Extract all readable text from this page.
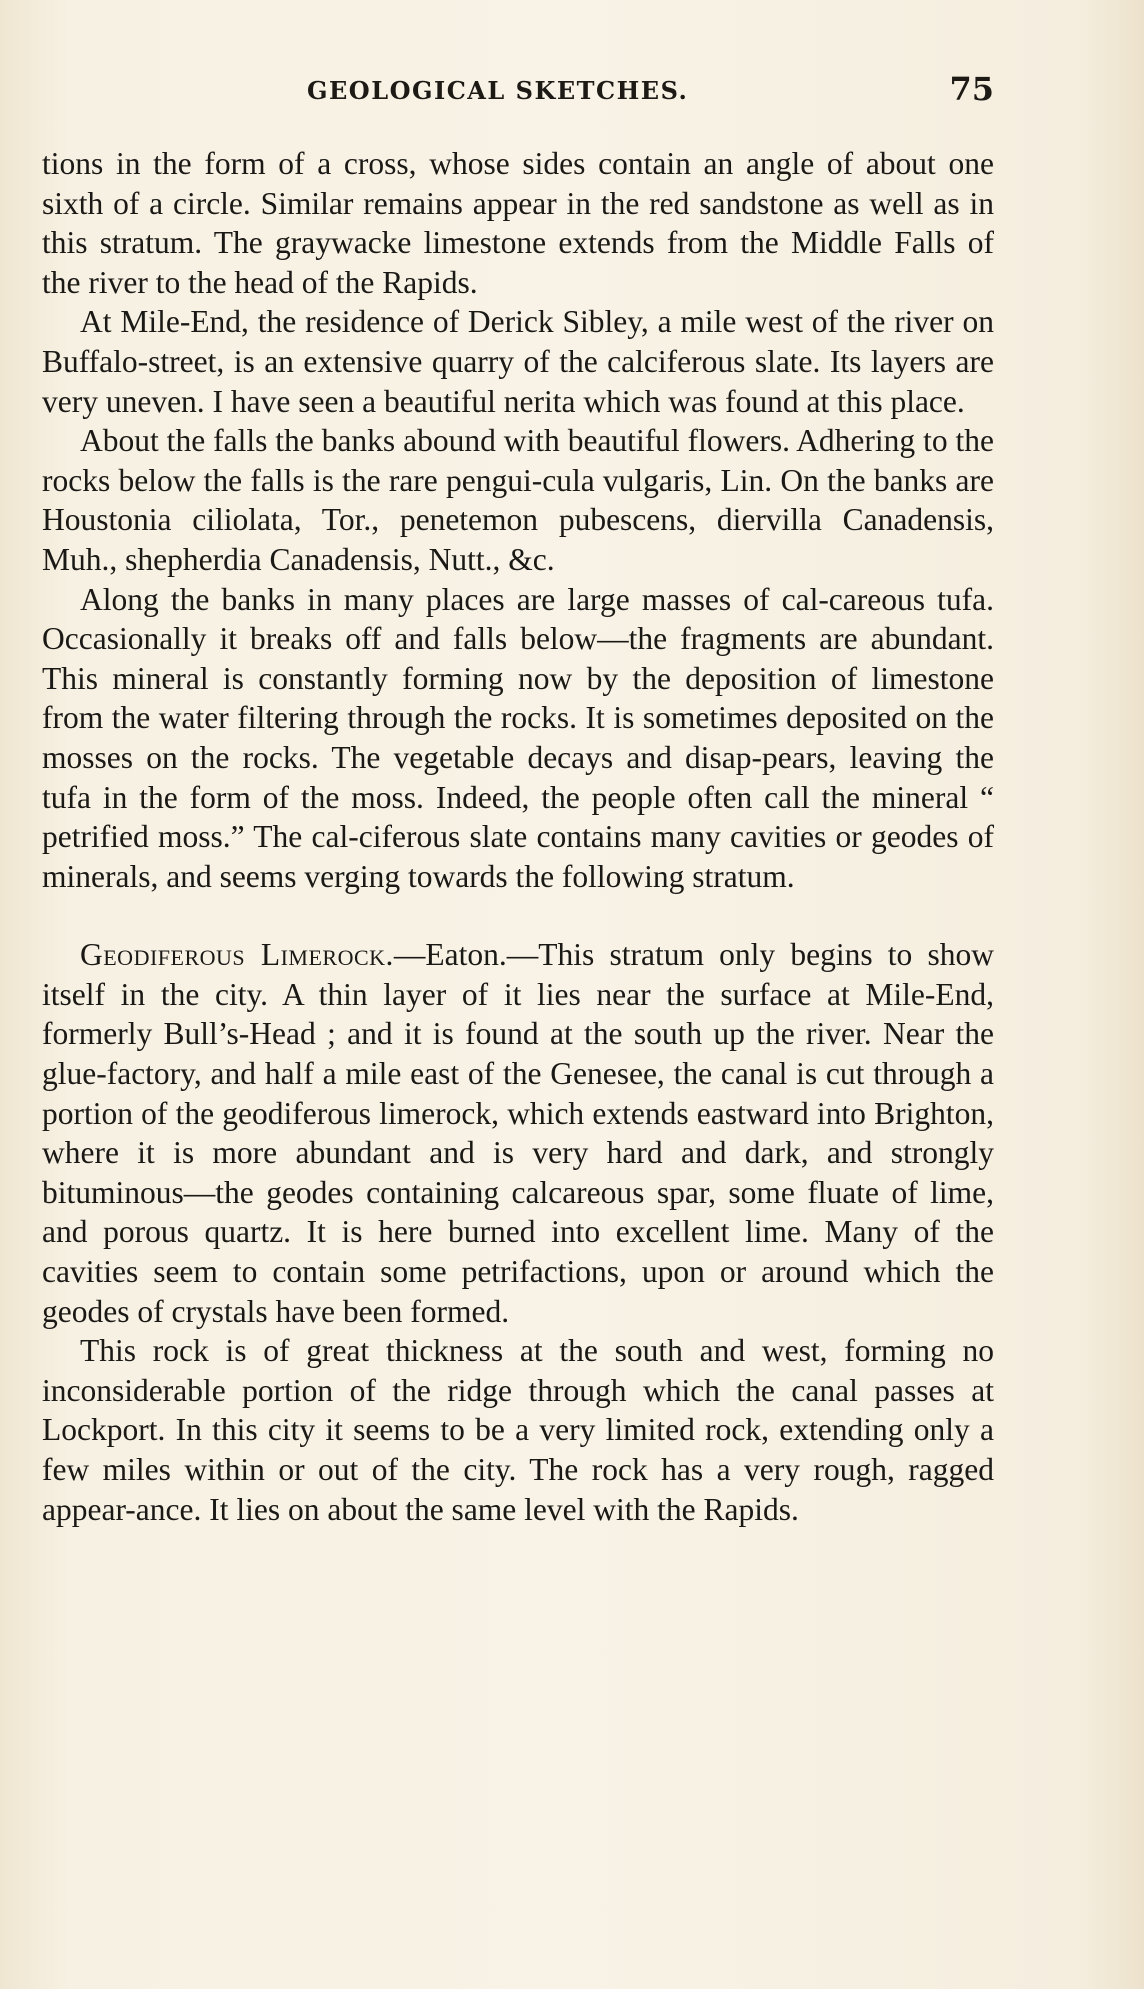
GEOLOGICAL SKETCHES.	75

tions in the form of a cross, whose sides contain an angle of about one sixth of a circle. Similar remains appear in the red sandstone as well as in this stratum. The graywacke limestone extends from the Middle Falls of the river to the head of the Rapids.

At Mile-End, the residence of Derick Sibley, a mile west of the river on Buffalo-street, is an extensive quarry of the calciferous slate. Its layers are very uneven. I have seen a beautiful nerita which was found at this place.

About the falls the banks abound with beautiful flowers. Adhering to the rocks below the falls is the rare pengui-cula vulgaris, Lin. On the banks are Houstonia ciliolata, Tor., penetemon pubescens, diervilla Canadensis, Muh., shepherdia Canadensis, Nutt., &c.

Along the banks in many places are large masses of cal-careous tufa. Occasionally it breaks off and falls below—the fragments are abundant. This mineral is constantly forming now by the deposition of limestone from the water filtering through the rocks. It is sometimes deposited on the mosses on the rocks. The vegetable decays and disap-pears, leaving the tufa in the form of the moss. Indeed, the people often call the mineral “ petrified moss.” The cal-ciferous slate contains many cavities or geodes of minerals, and seems verging towards the following stratum.

Geodiferous Limerock.—Eaton.—This stratum only begins to show itself in the city. A thin layer of it lies near the surface at Mile-End, formerly Bull’s-Head ; and it is found at the south up the river. Near the glue-factory, and half a mile east of the Genesee, the canal is cut through a portion of the geodiferous limerock, which extends eastward into Brighton, where it is more abundant and is very hard and dark, and strongly bituminous—the geodes containing calcareous spar, some fluate of lime, and porous quartz. It is here burned into excellent lime. Many of the cavities seem to contain some petrifactions, upon or around which the geodes of crystals have been formed.

This rock is of great thickness at the south and west, forming no inconsiderable portion of the ridge through which the canal passes at Lockport. In this city it seems to be a very limited rock, extending only a few miles within or out of the city. The rock has a very rough, ragged appear-ance. It lies on about the same level with the Rapids.
